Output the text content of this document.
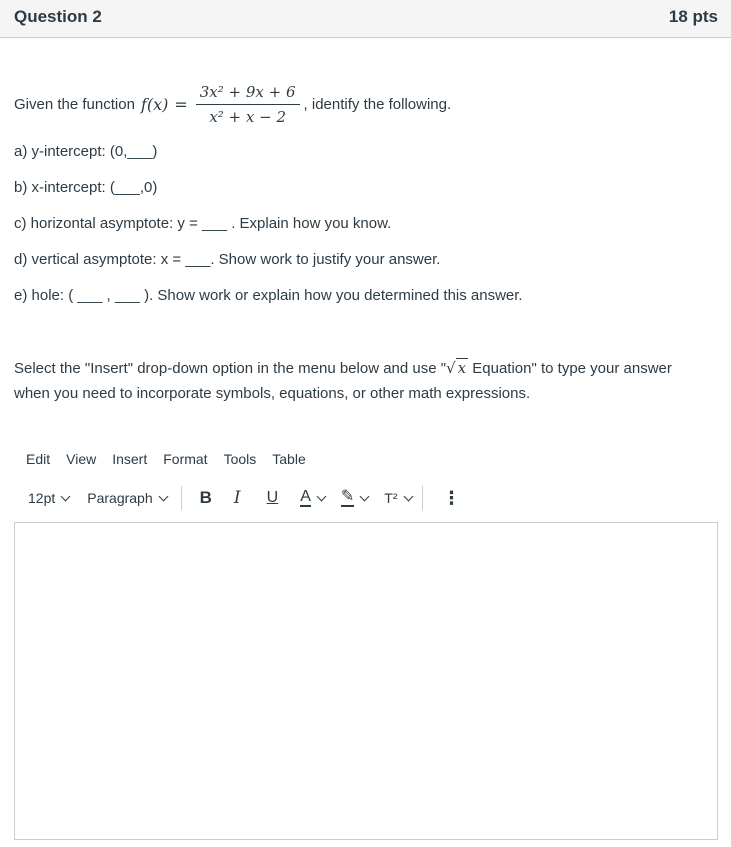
Question 2	18 pts
Given the function $f(x) = \frac{\text{3x² + 9x + 6}}{\text{x² + x − 2}}$ , identify the following.
a) y-intercept: (0,___)
b) x-intercept: (___,0)
c) horizontal asymptote: y = ___ . Explain how you know.
d) vertical asymptote: x = ___. Show work to justify your answer.
e) hole: ( ___ , ___ ). Show work or explain how you determined this answer.
Select the "Insert" drop-down option in the menu below and use "√ x Equation" to type your answer when you need to incorporate symbols, equations, or other math expressions.
Edit View Insert Format Tools Table
12pt Paragraph	B I U A ✎ T²	⋮
